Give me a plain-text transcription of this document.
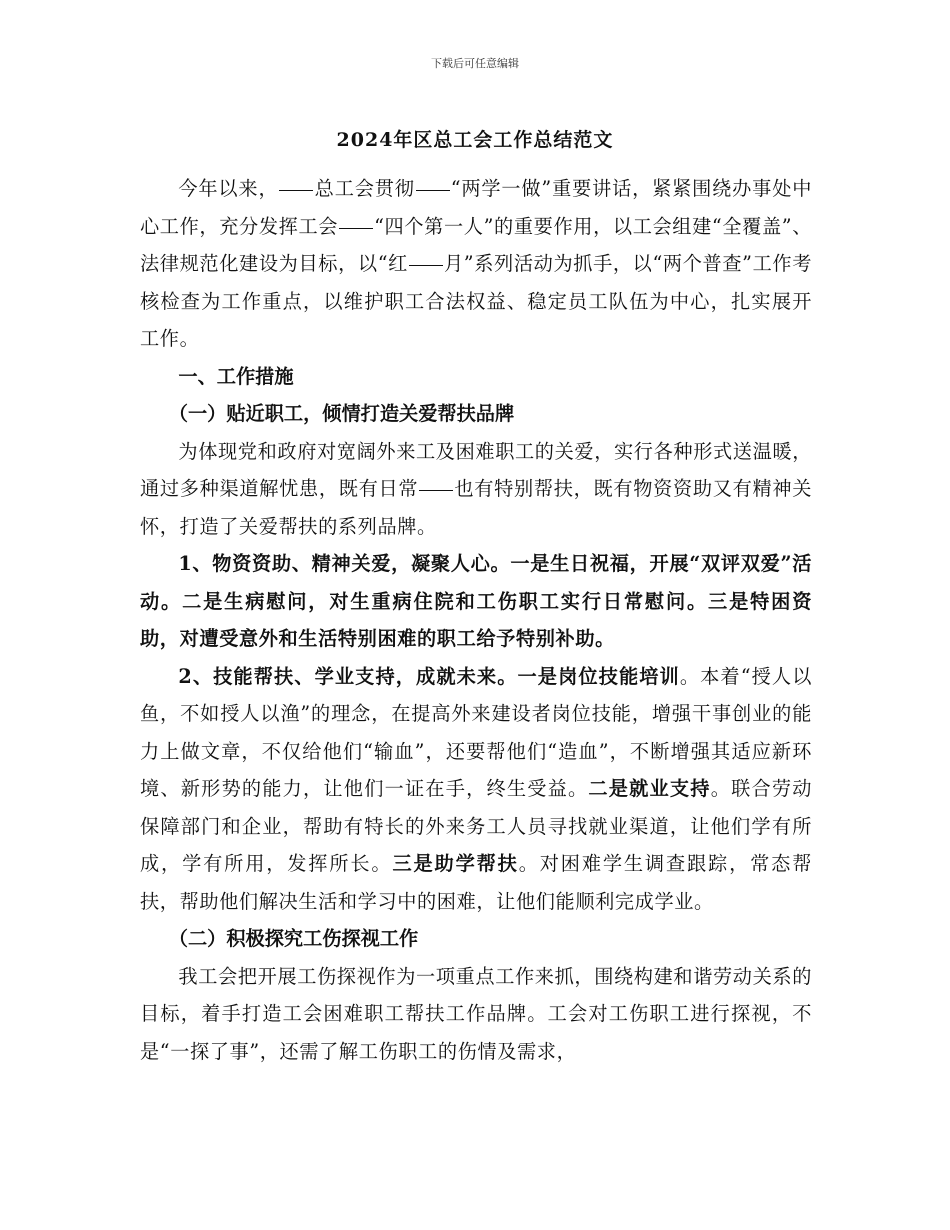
下载后可任意编辑
2024年区总工会工作总结范文

今年以来， 总工会贯彻 “两学一做”重要讲话，紧紧围绕办事处中心工作，充分发挥工会 “四个第一人”的重要作用，以工会组建“全覆盖”、法律规范化建设为目标，以“红 月”系列活动为抓手，以“两个普查”工作考核检查为工作重点，以维护职工合法权益、稳定员工队伍为中心，扎实展开工作。

一、工作措施

（一）贴近职工，倾情打造关爱帮扶品牌

为体现党和政府对宽阔外来工及困难职工的关爱，实行各种形式送温暖，通过多种渠道解忧患，既有日常 也有特别帮扶，既有物资资助又有精神关怀，打造了关爱帮扶的系列品牌。

1、物资资助、精神关爱，凝聚人心。一是生日祝福，开展“双评双爱”活动。二是生病慰问，对生重病住院和工伤职工实行日常慰问。三是特困资助，对遭受意外和生活特别困难的职工给予特别补助。

2、技能帮扶、学业支持，成就未来。一是岗位技能培训。本着“授人以鱼，不如授人以渔”的理念，在提高外来建设者岗位技能，增强干事创业的能力上做文章，不仅给他们“输血”，还要帮他们“造血”，不断增强其适应新环境、新形势的能力，让他们一证在手，终生受益。二是就业支持。联合劳动保障部门和企业，帮助有特长的外来务工人员寻找就业渠道，让他们学有所成，学有所用，发挥所长。三是助学帮扶。对困难学生调查跟踪，常态帮扶，帮助他们解决生活和学习中的困难，让他们能顺利完成学业。

（二）积极探究工伤探视工作

我工会把开展工伤探视作为一项重点工作来抓，围绕构建和谐劳动关系的目标，着手打造工会困难职工帮扶工作品牌。工会对工伤职工进行探视，不是“一探了事”，还需了解工伤职工的伤情及需求，
